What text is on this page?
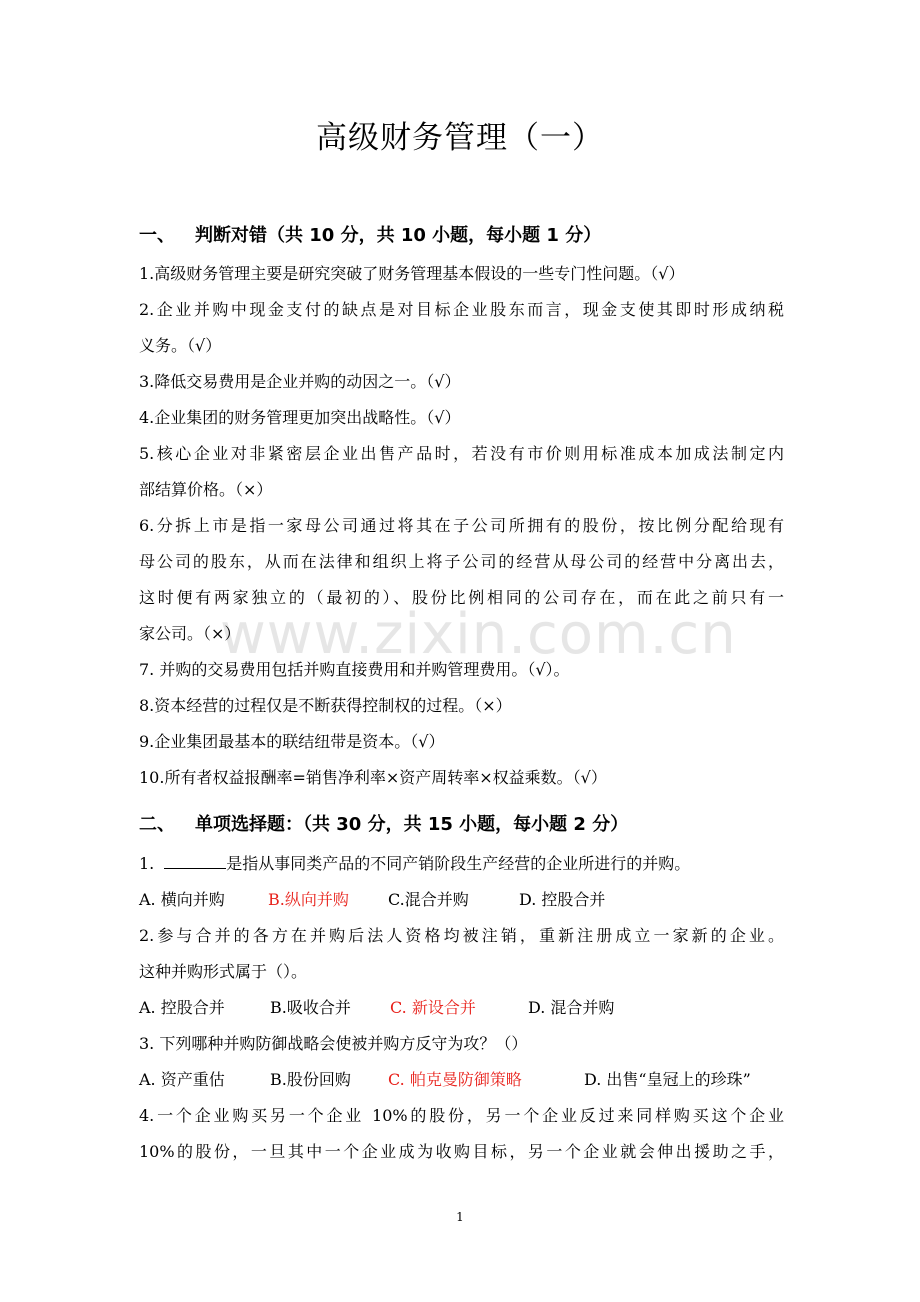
www.zixin.com.cn
高级财务管理（一）
一、 判断对错（共 10 分，共 10 小题，每小题 1 分）
1.高级财务管理主要是研究突破了财务管理基本假设的一些专门性问题。（√）
2.企业并购中现金支付的缺点是对目标企业股东而言，现金支使其即时形成纳税
义务。（√）
3.降低交易费用是企业并购的动因之一。（√）
4.企业集团的财务管理更加突出战略性。（√）
5.核心企业对非紧密层企业出售产品时，若没有市价则用标准成本加成法制定内
部结算价格。（×）
6.分拆上市是指一家母公司通过将其在子公司所拥有的股份，按比例分配给现有
母公司的股东，从而在法律和组织上将子公司的经营从母公司的经营中分离出去，
这时便有两家独立的（最初的）、股份比例相同的公司存在，而在此之前只有一
家公司。（×）
7. 并购的交易费用包括并购直接费用和并购管理费用。（√）。
8.资本经营的过程仅是不断获得控制权的过程。（×）
9.企业集团最基本的联结纽带是资本。（√）
10.所有者权益报酬率=销售净利率×资产周转率×权益乘数。（√）
二、 单项选择题：（共 30 分，共 15 小题，每小题 2 分）
1.	是指从事同类产品的不同产销阶段生产经营的企业所进行的并购。
A. 横向并购	B.纵向并购 C.混合并购	D. 控股合并
2.参与合并的各方在并购后法人资格均被注销，重新注册成立一家新的企业。
这种并购形式属于（）。
A. 控股合并	B.吸收合并 C. 新设合并	D. 混合并购
3. 下列哪种并购防御战略会使被并购方反守为攻？（）
A. 资产重估	B.股份回购 C. 帕克曼防御策略	D. 出售“皇冠上的珍珠”
4.一个企业购买另一个企业 10%的股份，另一个企业反过来同样购买这个企业
10%的股份，一旦其中一个企业成为收购目标，另一个企业就会伸出援助之手，
1
